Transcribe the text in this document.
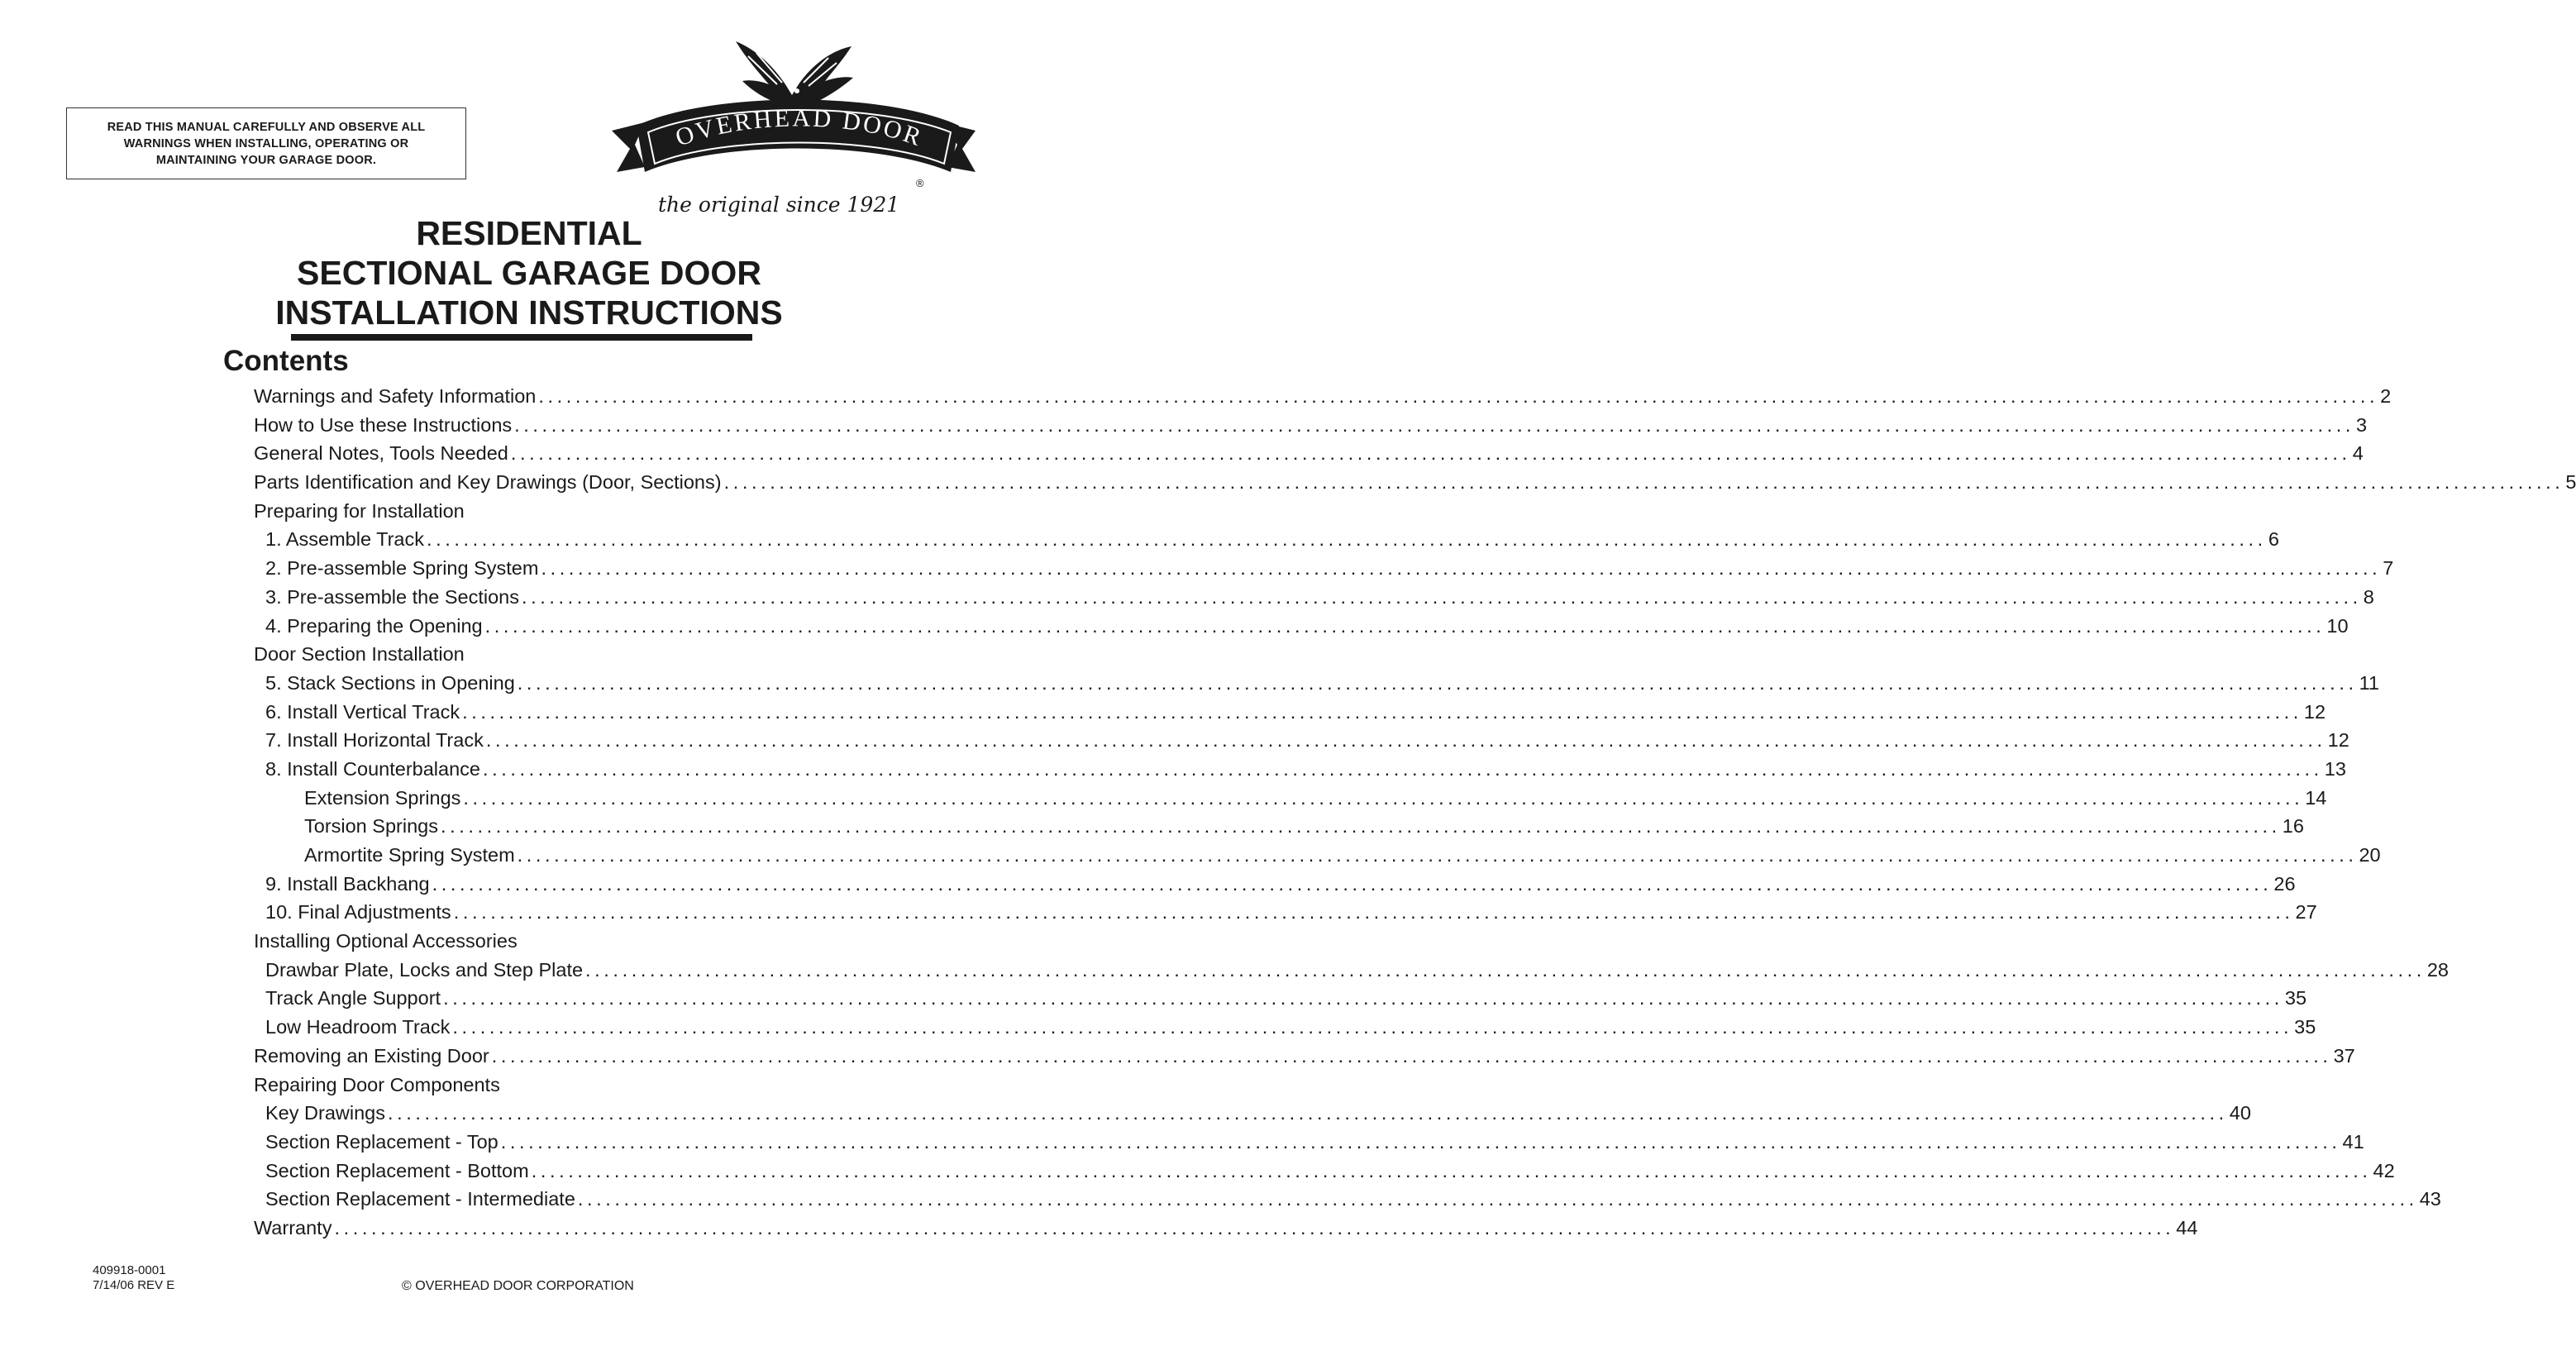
READ THIS MANUAL CAREFULLY AND OBSERVE ALL
WARNINGS WHEN INSTALLING, OPERATING OR
MAINTAINING YOUR GARAGE DOOR.
OVERHEAD DOOR
®
the original since 1921
RESIDENTIAL
SECTIONAL GARAGE DOOR
INSTALLATION INSTRUCTIONS
Contents
Warnings and Safety Information ........................................................................................................................................................................................................ 2
How to Use these Instructions ........................................................................................................................................................................................................ 3
General Notes, Tools Needed ........................................................................................................................................................................................................ 4
Parts Identification and Key Drawings (Door, Sections) ........................................................................................................................................................................................................ 5
Preparing for Installation
1. Assemble Track ........................................................................................................................................................................................................ 6
2. Pre-assemble Spring System ........................................................................................................................................................................................................ 7
3. Pre-assemble the Sections ........................................................................................................................................................................................................ 8
4. Preparing the Opening ........................................................................................................................................................................................................ 10
Door Section Installation
5. Stack Sections in Opening ........................................................................................................................................................................................................ 11
6. Install Vertical Track ........................................................................................................................................................................................................ 12
7. Install Horizontal Track ........................................................................................................................................................................................................ 12
8. Install Counterbalance ........................................................................................................................................................................................................ 13
Extension Springs ........................................................................................................................................................................................................ 14
Torsion Springs ........................................................................................................................................................................................................ 16
Armortite Spring System ........................................................................................................................................................................................................ 20
9. Install Backhang ........................................................................................................................................................................................................ 26
10. Final Adjustments ........................................................................................................................................................................................................ 27
Installing Optional Accessories
Drawbar Plate, Locks and Step Plate ........................................................................................................................................................................................................ 28
Track Angle Support ........................................................................................................................................................................................................ 35
Low Headroom Track ........................................................................................................................................................................................................ 35
Removing an Existing Door ........................................................................................................................................................................................................ 37
Repairing Door Components
Key Drawings ........................................................................................................................................................................................................ 40
Section Replacement - Top ........................................................................................................................................................................................................ 41
Section Replacement - Bottom ........................................................................................................................................................................................................ 42
Section Replacement - Intermediate ........................................................................................................................................................................................................ 43
Warranty ........................................................................................................................................................................................................ 44
409918-0001
7/14/06 REV E	© OVERHEAD DOOR CORPORATION
